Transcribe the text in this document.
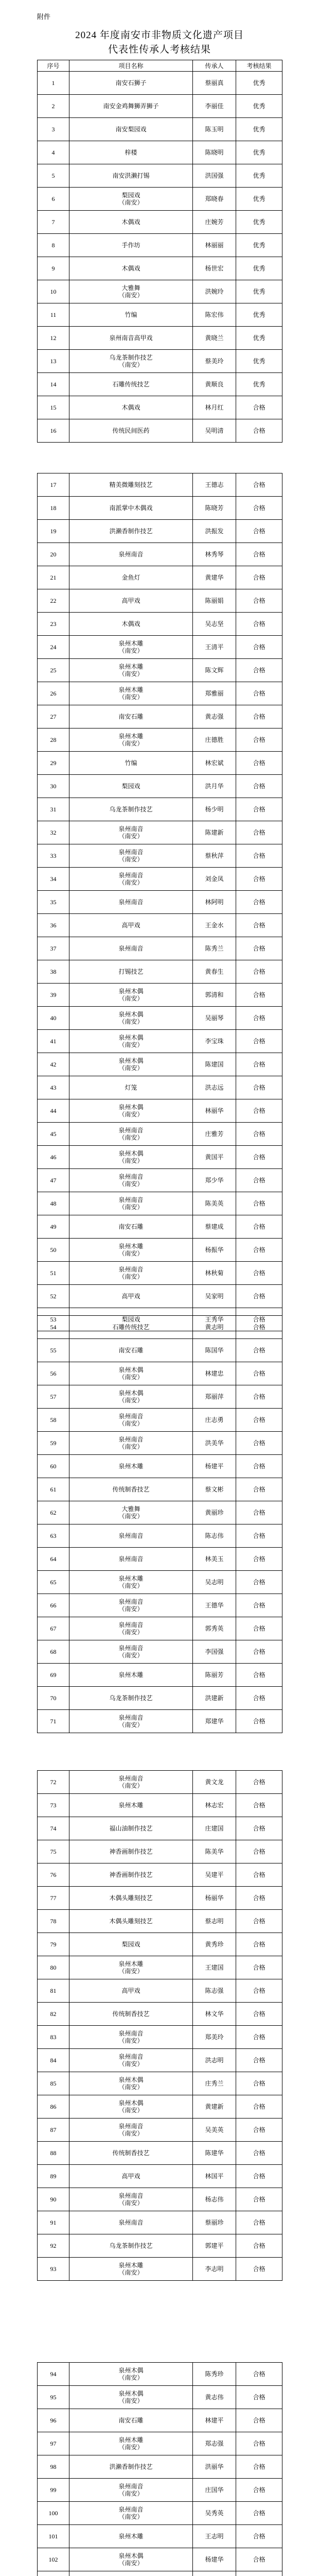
附件
2024 年度南安市非物质文化遗产项目
代表性传承人考核结果
序号	项目名称	传承人	考核结果
1	南安石狮子	蔡丽真	优秀
2	南安金鸡舞狮弄狮子	李丽佳	优秀
3	南安梨园戏	陈玉明	优秀
4	梓楼	陈晓明	优秀
5	南安洪濑打锡	洪国强	优秀
6	梨园戏
（南安）	郑晓春	优秀
7	木偶戏	庄婉芳	优秀
8	手作坊	林丽丽	优秀
9	木偶戏	杨世宏	优秀
10	大雅舞
（南安）	洪婉玲	优秀
11	竹编	陈宏伟	优秀
12	泉州南音高甲戏	黄晓兰	优秀
13	乌龙茶制作技艺
（南安）	蔡美玲	优秀
14	石雕传统技艺	黄顺良	优秀
15	木偶戏	林月红	合格
16	传统民间医药	吴明清	合格
17	精美微雕刻技艺	王德志	合格
18	南派掌中木偶戏	陈晓芳	合格
19	洪濑香制作技艺	洪振发	合格
20	泉州南音	林秀琴	合格
21	金鱼灯	黄建华	合格
22	高甲戏	陈丽娟	合格
23	木偶戏	吴志坚	合格
24	泉州木雕
（南安）	王清平	合格
25	泉州木雕
（南安）	陈文辉	合格
26	泉州木雕
（南安）	郑雅丽	合格
27	南安石雕	黄志强	合格
28	泉州木雕
（南安）	庄德胜	合格
29	竹编	林宏斌	合格
30	梨园戏	洪月华	合格
31	乌龙茶制作技艺	杨少明	合格
32	泉州南音
（南安）	陈建新	合格
33	泉州南音
（南安）	蔡秋萍	合格
34	泉州南音
（南安）	刘金凤	合格
35	泉州南音	林阿明	合格
36	高甲戏	王金水	合格
37	泉州南音	陈秀兰	合格
38	打锡技艺	黄春生	合格
39	泉州木偶
（南安）	郭清和	合格
40	泉州木偶
（南安）	吴丽琴	合格
41	泉州木偶
（南安）	李宝珠	合格
42	泉州木偶
（南安）	陈建国	合格
43	灯笼	洪志远	合格
44	泉州木偶
（南安）	林丽华	合格
45	泉州南音
（南安）	庄雅芳	合格
46	泉州木偶
（南安）	黄国平	合格
47	泉州南音
（南安）	郑少华	合格
48	泉州南音
（南安）	陈美英	合格
49	南安石雕	蔡建成	合格
50	泉州木雕
（南安）	杨振华	合格
51	泉州南音
（南安）	林秋菊	合格
52	高甲戏	吴家明	合格
53	梨园戏	王秀华	合格
54	石雕传统技艺	黄志明	合格
55	南安石雕	陈国华	合格
56	泉州木偶
（南安）	林建忠	合格
57	泉州木偶
（南安）	郑丽萍	合格
58	泉州南音
（南安）	庄志勇	合格
59	泉州南音
（南安）	洪美华	合格
60	泉州木雕	杨建平	合格
61	传统制香技艺	蔡文彬	合格
62	大雅舞
（南安）	黄丽珍	合格
63	泉州南音	陈志伟	合格
64	泉州南音	林美玉	合格
65	泉州木雕
（南安）	吴志明	合格
66	泉州南音
（南安）	王德华	合格
67	泉州南音
（南安）	郭秀英	合格
68	泉州南音
（南安）	李国强	合格
69	泉州木雕	陈丽芳	合格
70	乌龙茶制作技艺	洪建新	合格
71	泉州南音
（南安）	郑建华	合格
72	泉州南音
（南安）	黄文龙	合格
73	泉州木雕	林志宏	合格
74	福山油制作技艺	庄建国	合格
75	神香画制作技艺	陈美华	合格
76	神香画制作技艺	吴建平	合格
77	木偶头雕刻技艺	杨丽华	合格
78	木偶头雕刻技艺	蔡志明	合格
79	梨园戏	黄秀珍	合格
80	泉州木雕
（南安）	王建国	合格
81	高甲戏	陈志强	合格
82	传统制香技艺	林文华	合格
83	泉州南音
（南安）	郑美玲	合格
84	泉州南音
（南安）	洪志明	合格
85	泉州木偶
（南安）	庄秀兰	合格
86	泉州木偶
（南安）	黄建新	合格
87	泉州南音
（南安）	吴美英	合格
88	传统制香技艺	陈建华	合格
89	高甲戏	林国平	合格
90	泉州南音
（南安）	杨志伟	合格
91	泉州南音	蔡丽珍	合格
92	乌龙茶制作技艺	郭建平	合格
93	泉州木雕
（南安）	李志明	合格
94	泉州木偶
（南安）	陈秀珍	合格
95	泉州木偶
（南安）	黄志伟	合格
96	南安石雕	林建平	合格
97	泉州木雕
（南安）	郑志强	合格
98	洪濑香制作技艺	洪丽华	合格
99	泉州南音
（南安）	庄国华	合格
100	泉州南音
（南安）	吴秀英	合格
101	泉州木雕	王志明	合格
102	泉州木偶
（南安）	杨建华	合格
